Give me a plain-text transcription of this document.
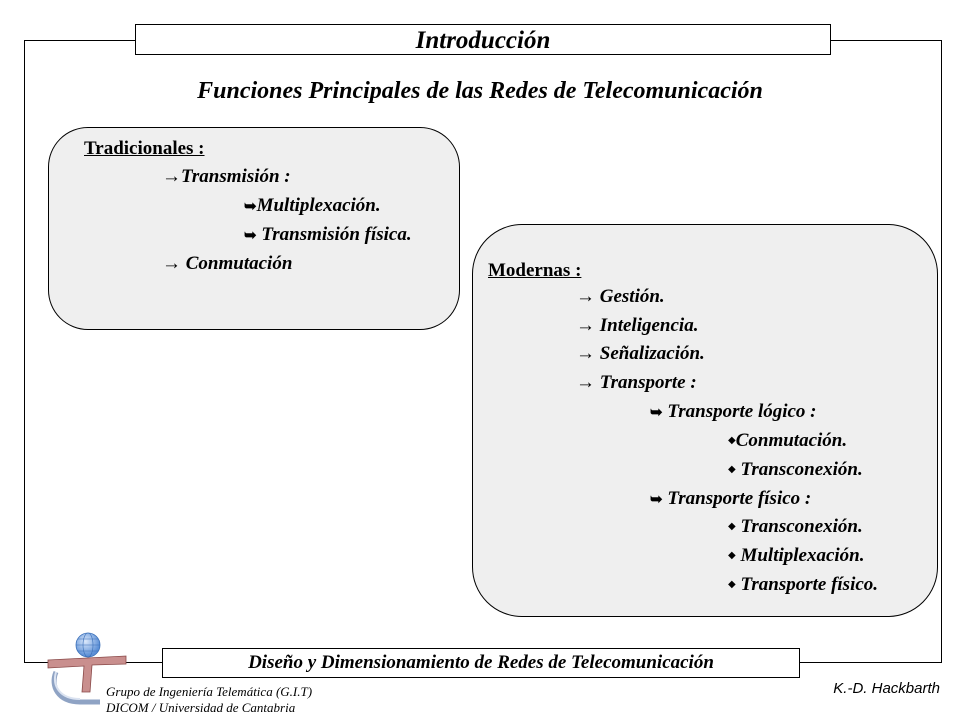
Introducción
Funciones Principales de las Redes de Telecomunicación
Tradicionales :
→Transmisión :
➥Multiplexación.
➥ Transmisión física.
→ Conmutación	Modernas :
→ Gestión.
→ Inteligencia.
→ Señalización.
→ Transporte :
➥ Transporte lógico :
◆Conmutación.
◆ Transconexión.
➥ Transporte físico :
◆ Transconexión.
◆ Multiplexación.
◆ Transporte físico.
Diseño y Dimensionamiento de Redes de Telecomunicación
Grupo de Ingeniería Telemática (G.I.T)
DICOM / Universidad de Cantabria
K.-D. Hackbarth
